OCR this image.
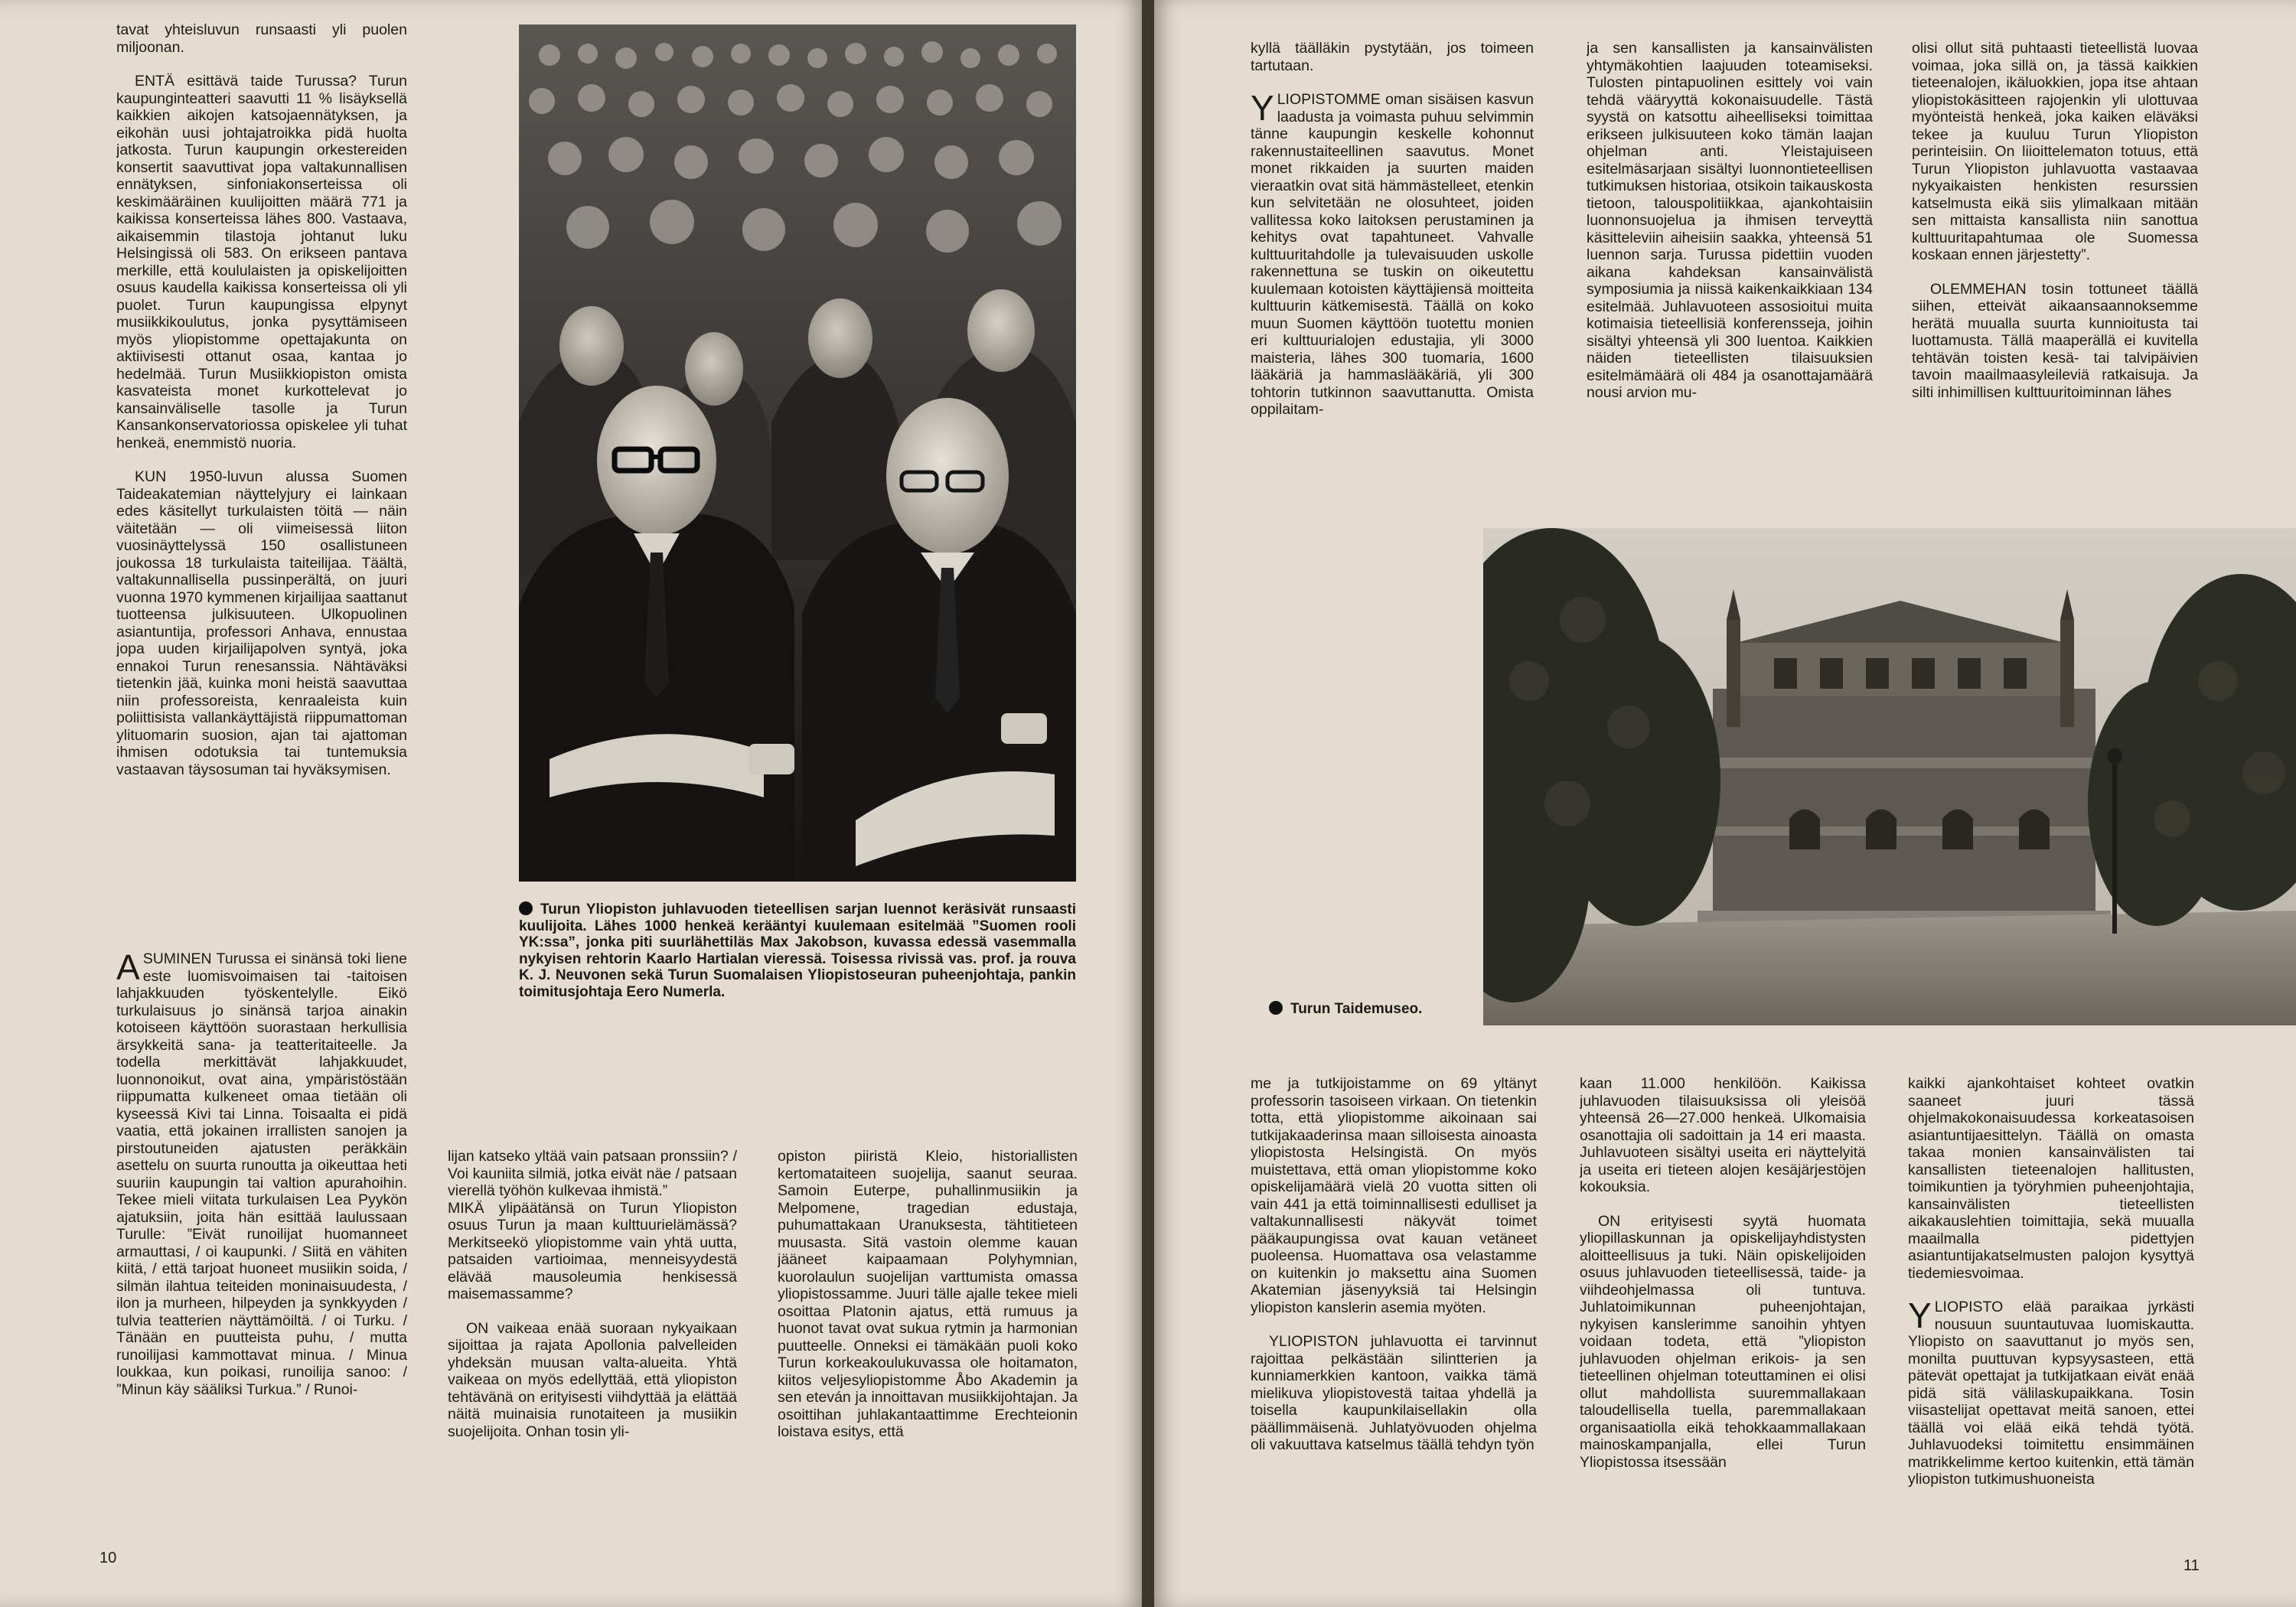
tavat yhteisluvun runsaasti yli puolen miljoonan.

ENTÄ esittävä taide Turussa? Turun kaupunginteatteri saavutti 11 % lisäyksellä kaikkien aikojen katsojaennätyksen, ja eikohän uusi johtajatroikka pidä huolta jatkosta. Turun kaupungin orkestereiden konsertit saavuttivat jopa valtakunnallisen ennätyksen, sinfoniakonserteissa oli keskimääräinen kuulijoitten määrä 771 ja kaikissa konserteissa lähes 800. Vastaava, aikaisemmin tilastoja johtanut luku Helsingissä oli 583. On erikseen pantava merkille, että koululaisten ja opiskelijoitten osuus kaudella kaikissa konserteissa oli yli puolet. Turun kaupungissa elpynyt musiikkikoulutus, jonka pysyttämiseen myös yliopistomme opettajakunta on aktiivisesti ottanut osaa, kantaa jo hedelmää. Turun Musiikkiopiston omista kasvateista monet kurkottelevat jo kansainväliselle tasolle ja Turun Kansankonservatoriossa opiskelee yli tuhat henkeä, enemmistö nuoria.

KUN 1950-luvun alussa Suomen Taideakatemian näyttelyjury ei lainkaan edes käsitellyt turkulaisten töitä — näin väitetään — oli viimeisessä liiton vuosinäyttelyssä 150 osallistuneen joukossa 18 turkulaista taiteilijaa. Täältä, valtakunnallisella pussinperältä, on juuri vuonna 1970 kymmenen kirjailijaa saattanut tuotteensa julkisuuteen. Ulkopuolinen asiantuntija, professori Anhava, ennustaa jopa uuden kirjailijapolven syntyä, joka ennakoi Turun renesanssia. Nähtäväksi tietenkin jää, kuinka moni heistä saavuttaa niin professoreista, kenraaleista kuin poliittisista vallankäyttäjistä riippumattoman ylituomarin suosion, ajan tai ajattoman ihmisen odotuksia tai tuntemuksia vastaavan täysosuman tai hyväksymisen.

A SUMINEN Turussa ei sinänsä toki liene este luomisvoimaisen tai -taitoisen lahjakkuuden työskentelylle. Eikö turkulaisuus jo sinänsä tarjoa ainakin kotoiseen käyttöön suorastaan herkullisia ärsykkeitä sana- ja teatteritaiteelle. Ja todella merkittävät lahjakkuudet, luonnonoikut, ovat aina, ympäristöstään riippumatta kulkeneet omaa tietään oli kyseessä Kivi tai Linna. Toisaalta ei pidä vaatia, että jokainen irrallisten sanojen ja pirstoutuneiden ajatusten peräkkäin asettelu on suurta runoutta ja oikeuttaa heti suuriin kaupungin tai valtion apurahoihin. Tekee mieli viitata turkulaisen Lea Pyykön ajatuksiin, joita hän esittää laulussaan Turulle: ”Eivät runoilijat huomanneet armauttasi, / oi kaupunki. / Siitä en vähiten kiitä, / että tarjoat huoneet musiikin soida, / silmän ilahtua teiteiden moninaisuudesta, / ilon ja murheen, hilpeyden ja synkkyyden / tulvia teatterien näyttämöiltä. / oi Turku. / Tänään en puutteista puhu, / mutta runoilijasi kammottavat minua. / Minua loukkaa, kun poikasi, runoilija sanoo: / ”Minun käy sääliksi Turkua.” / Runoi-
Turun Yliopiston juhlavuoden tieteellisen sarjan luennot keräsivät runsaasti kuulijoita. Lähes 1000 henkeä kerääntyi kuulemaan esitelmää ”Suomen rooli YK:ssa”, jonka piti suurlähettiläs Max Jakobson, kuvassa edessä vasemmalla nykyisen rehtorin Kaarlo Hartialan vieressä. Toisessa rivissä vas. prof. ja rouva K. J. Neuvonen sekä Turun Suomalaisen Yliopistoseuran puheenjohtaja, pankin toimitusjohtaja Eero Numerla.

lijan katseko yltää vain patsaan pronssiin? / Voi kauniita silmiä, jotka eivät näe / patsaan vierellä työhön kulkevaa ihmistä.”
MIKÄ ylipäätänsä on Turun Yliopiston osuus Turun ja maan kulttuurielämässä? Merkitseekö yliopistomme vain yhtä uutta, patsaiden vartioimaa, menneisyydestä elävää mausoleumia henkisessä maisemassamme?

ON vaikeaa enää suoraan nykyaikaan sijoittaa ja rajata Apollonia palvelleiden yhdeksän muusan valta-alueita. Yhtä vaikeaa on myös edellyttää, että yliopiston tehtävänä on erityisesti viihdyttää ja elättää näitä muinaisia runotaiteen ja musiikin suojelijoita. Onhan tosin yli-

opiston piiristä Kleio, historiallisten kertomataiteen suojelija, saanut seuraa. Samoin Euterpe, puhallinmusiikin ja Melpomene, tragedian edustaja, puhumattakaan Uranuksesta, tähtitieteen muusasta. Sitä vastoin olemme kauan jääneet kaipaamaan Polyhymnian, kuorolaulun suojelijan varttumista omassa yliopistossamme. Juuri tälle ajalle tekee mieli osoittaa Platonin ajatus, että rumuus ja huonot tavat ovat sukua rytmin ja harmonian puutteelle. Onneksi ei tämäkään puoli koko Turun korkeakoulukuvassa ole hoitamaton, kiitos veljesyliopistomme Åbo Akademin ja sen eteván ja innoittavan musiikkijohtajan. Ja osoittihan juhlakantaattimme Erechteionin loistava esitys, että

10

kyllä täälläkin pystytään, jos toimeen tartutaan.

YLIOPISTOMME oman sisäisen kasvun laadusta ja voimasta puhuu selvimmin tänne kaupungin keskelle kohonnut rakennustaiteellinen saavutus. Monet monet rikkaiden ja suurten maiden vieraatkin ovat sitä hämmästelleet, etenkin kun selvitetään ne olosuhteet, joiden vallitessa koko laitoksen perustaminen ja kehitys ovat tapahtuneet. Vahvalle kulttuuritahdolle ja tulevaisuuden uskolle rakennettuna se tuskin on oikeutettu kuulemaan kotoisten käyttäjiensä moitteita kulttuurin kätkemisestä. Täällä on koko muun Suomen käyttöön tuotettu monien eri kulttuurialojen edustajia, yli 3000 maisteria, lähes 300 tuomaria, 1600 lääkäriä ja hammaslääkäriä, yli 300 tohtorin tutkinnon saavuttanutta. Omista oppilaitam-

ja sen kansallisten ja kansainvälisten yhtymäkohtien laajuuden toteamiseksi. Tulosten pintapuolinen esittely voi vain tehdä vääryyttä kokonaisuudelle. Tästä syystä on katsottu aiheelliseksi toimittaa erikseen julkisuuteen koko tämän laajan ohjelman anti. Yleistajuiseen esitelmäsarjaan sisältyi luonnontieteellisen tutkimuksen historiaa, otsikoin taikauskosta tietoon, talouspolitiikkaa, ajankohtaisiin luonnonsuojelua ja ihmisen terveyttä käsitteleviin aiheisiin saakka, yhteensä 51 luennon sarja. Turussa pidettiin vuoden aikana kahdeksan kansainvälistä symposiumia ja niissä kaikenkaikkiaan 134 esitelmää. Juhlavuoteen assosioitui muita kotimaisia tieteellisiä konferensseja, joihin sisältyi yhteensä yli 300 luentoa. Kaikkien näiden tieteellisten tilaisuuksien esitelmämäärä oli 484 ja osanottajamäärä nousi arvion mu-

olisi ollut sitä puhtaasti tieteellistä luovaa voimaa, joka sillä on, ja tässä kaikkien tieteenalojen, ikäluokkien, jopa itse ahtaan yliopistokäsitteen rajojenkin yli ulottuvaa myönteistä henkeä, joka kaiken eläväksi tekee ja kuuluu Turun Yliopiston perinteisiin. On liioittelematon totuus, että Turun Yliopiston juhlavuotta vastaavaa nykyaikaisten henkisten resurssien katselmusta eikä siis ylimalkaan mitään sen mittaista kansallista niin sanottua kulttuuritapahtumaa ole Suomessa koskaan ennen järjestetty”.

OLEMMEHAN tosin tottuneet täällä siihen, etteivät aikaansaannoksemme herätä muualla suurta kunnioitusta tai luottamusta. Tällä maaperällä ei kuvitella tehtävän toisten kesä- tai talvipäivien tavoin maailmaasyleileviä ratkaisuja. Ja silti inhimillisen kulttuuritoiminnan lähes

Turun Taidemuseo.

me ja tutkijoistamme on 69 yltänyt professorin tasoiseen virkaan. On tietenkin totta, että yliopistomme aikoinaan sai tutkijakaaderinsa maan silloisesta ainoasta yliopistosta Helsingistä. On myös muistettava, että oman yliopistomme koko opiskelijamäärä vielä 20 vuotta sitten oli vain 441 ja että toiminnallisesti edulliset ja valtakunnallisesti näkyvät toimet pääkaupungissa ovat kauan vetäneet puoleensa. Huomattava osa velastamme on kuitenkin jo maksettu aina Suomen Akatemian jäsenyyksiä tai Helsingin yliopiston kanslerin asemia myöten.

YLIOPISTON juhlavuotta ei tarvinnut rajoittaa pelkästään silintterien ja kunniamerkkien kantoon, vaikka tämä mielikuva yliopistovestä taitaa yhdellä ja toisella kaupunkilaisellakin olla päällimmäisenä. Juhlatyövuoden ohjelma oli vakuuttava katselmus täällä tehdyn työn

kaan 11.000 henkilöön. Kaikissa juhlavuoden tilaisuuksissa oli yleisöä yhteensä 26—27.000 henkeä. Ulkomaisia osanottajia oli sadoittain ja 14 eri maasta. Juhlavuoteen sisältyi useita eri näyttelyitä ja useita eri tieteen alojen kesäjärjestöjen kokouksia.

ON erityisesti syytä huomata yliopillaskunnan ja opiskelijayhdistysten aloitteellisuus ja tuki. Näin opiskelijoiden osuus juhlavuoden tieteellisessä, taide- ja viihdeohjelmassa oli tuntuva. Juhlatoimikunnan puheenjohtajan, nykyisen kanslerimme sanoihin yhtyen voidaan todeta, että ”yliopiston juhlavuoden ohjelman erikois- ja sen tieteellinen ohjelman toteuttaminen ei olisi ollut mahdollista suuremmallakaan taloudellisella tuella, paremmallakaan organisaatiolla eikä tehokkaammallakaan mainoskampanjalla, ellei Turun Yliopistossa itsessään

kaikki ajankohtaiset kohteet ovatkin saaneet juuri tässä ohjelmakokonaisuudessa korkeatasoisen asiantuntijaesittelyn. Täällä on omasta takaa monien kansainvälisten tai kansallisten tieteenalojen hallitusten, toimikuntien ja työryhmien puheenjohtajia, kansainvälisten tieteellisten aikakauslehtien toimittajia, sekä muualla maailmalla pidettyjen asiantuntijakatselmusten palojon kysyttyä tiedemiesvoimaa.

YLIOPISTO elää paraikaa jyrkästi nousuun suuntautuvaa luomiskautta. Yliopisto on saavuttanut jo myös sen, monilta puuttuvan kypsyysasteen, että pätevät opettajat ja tutkijatkaan eivät enää pidä sitä välilaskupaikkana. Tosin viisastelijat opettavat meitä sanoen, ettei täällä voi elää eikä tehdä työtä. Juhlavuodeksi toimitettu ensimmäinen matrikkelimme kertoo kuitenkin, että tämän yliopiston tutkimushuoneista

11
